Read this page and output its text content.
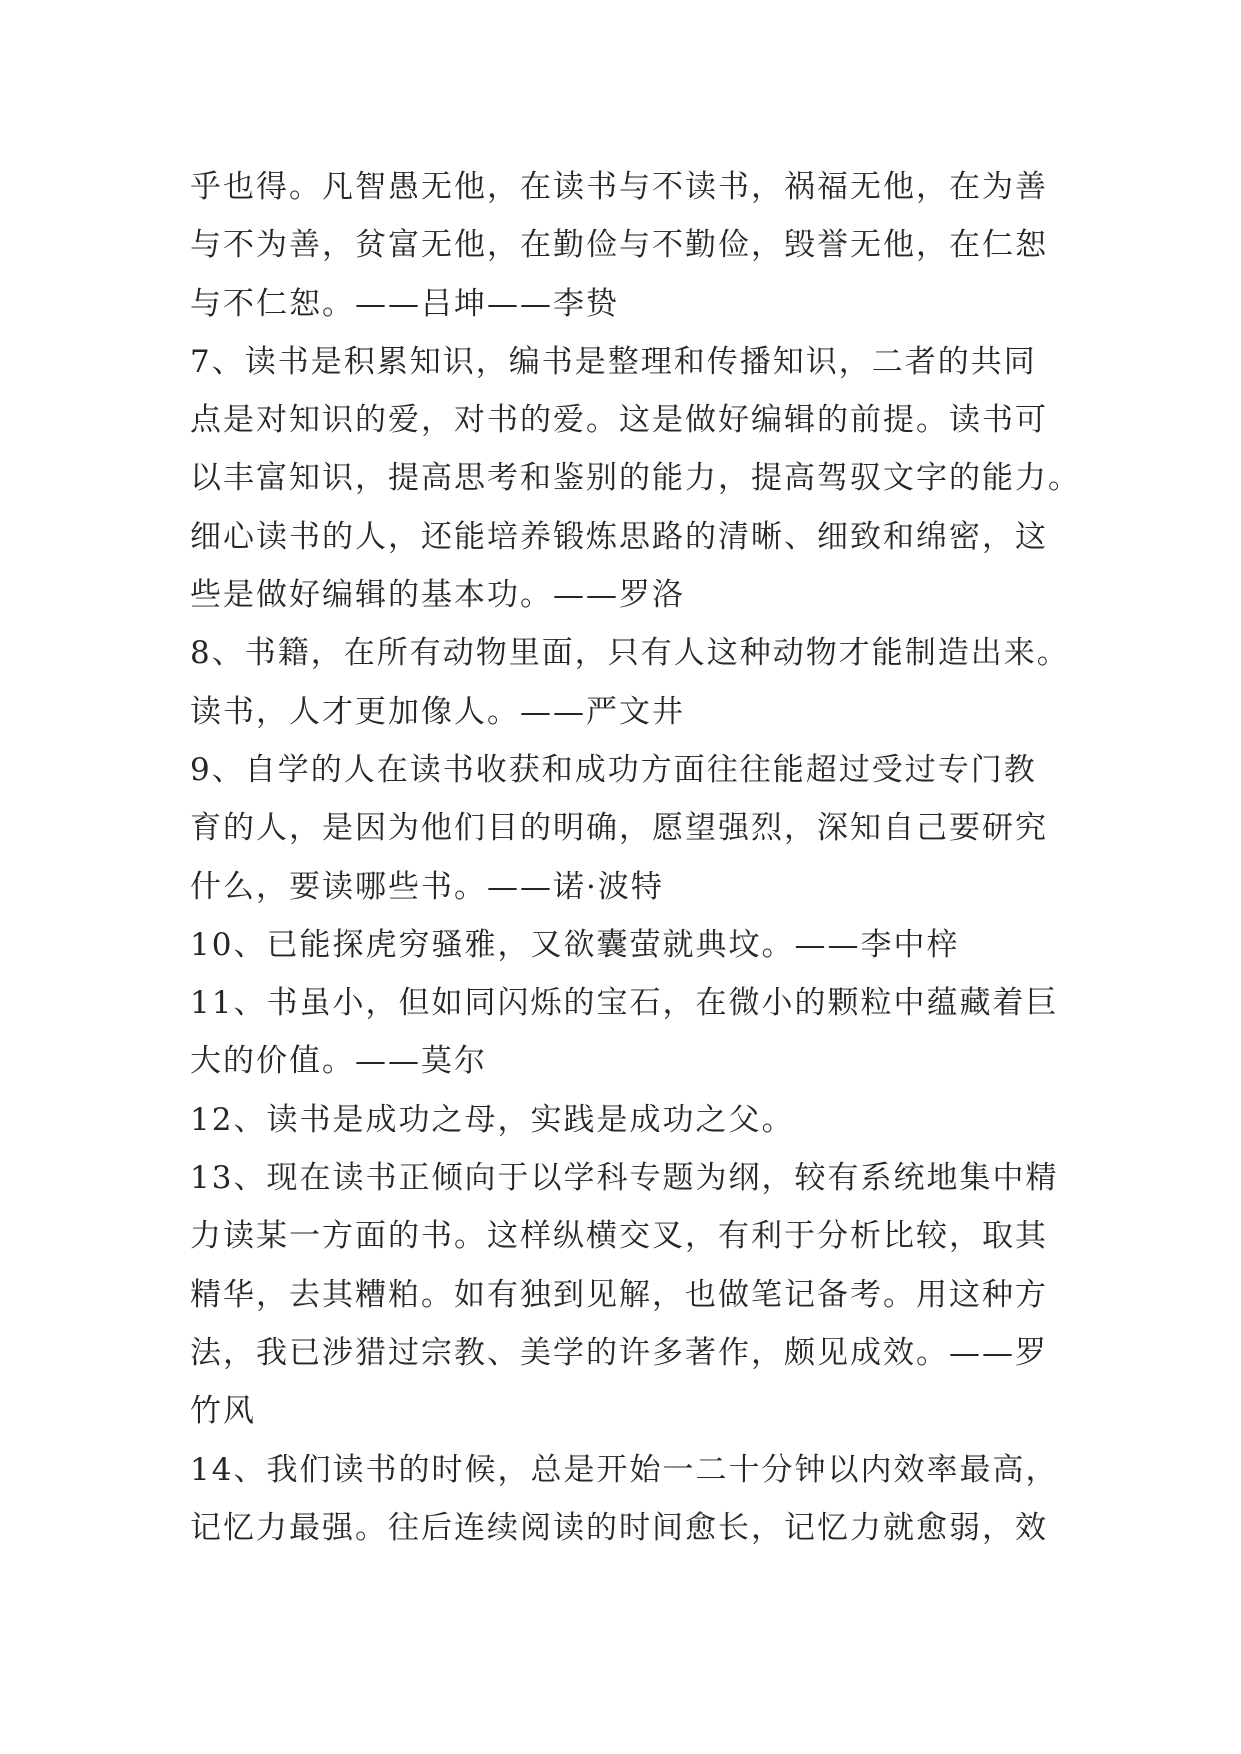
乎也得。凡智愚无他，在读书与不读书，祸福无他，在为善
与不为善，贫富无他，在勤俭与不勤俭，毁誉无他，在仁恕
与不仁恕。——吕坤——李贽
7、读书是积累知识，编书是整理和传播知识，二者的共同
点是对知识的爱，对书的爱。这是做好编辑的前提。读书可
以丰富知识，提高思考和鉴别的能力，提高驾驭文字的能力。
细心读书的人，还能培养锻炼思路的清晰、细致和绵密，这
些是做好编辑的基本功。——罗洛
8、书籍，在所有动物里面，只有人这种动物才能制造出来。
读书，人才更加像人。——严文井
9、自学的人在读书收获和成功方面往往能超过受过专门教
育的人，是因为他们目的明确，愿望强烈，深知自己要研究
什么，要读哪些书。——诺·波特
10、已能探虎穷骚雅，又欲囊萤就典坟。——李中梓
11、书虽小，但如同闪烁的宝石，在微小的颗粒中蕴藏着巨
大的价值。——莫尔
12、读书是成功之母，实践是成功之父。
13、现在读书正倾向于以学科专题为纲，较有系统地集中精
力读某一方面的书。这样纵横交叉，有利于分析比较，取其
精华，去其糟粕。如有独到见解，也做笔记备考。用这种方
法，我已涉猎过宗教、美学的许多著作，颇见成效。——罗
竹风
14、我们读书的时候，总是开始一二十分钟以内效率最高，
记忆力最强。往后连续阅读的时间愈长，记忆力就愈弱，效
